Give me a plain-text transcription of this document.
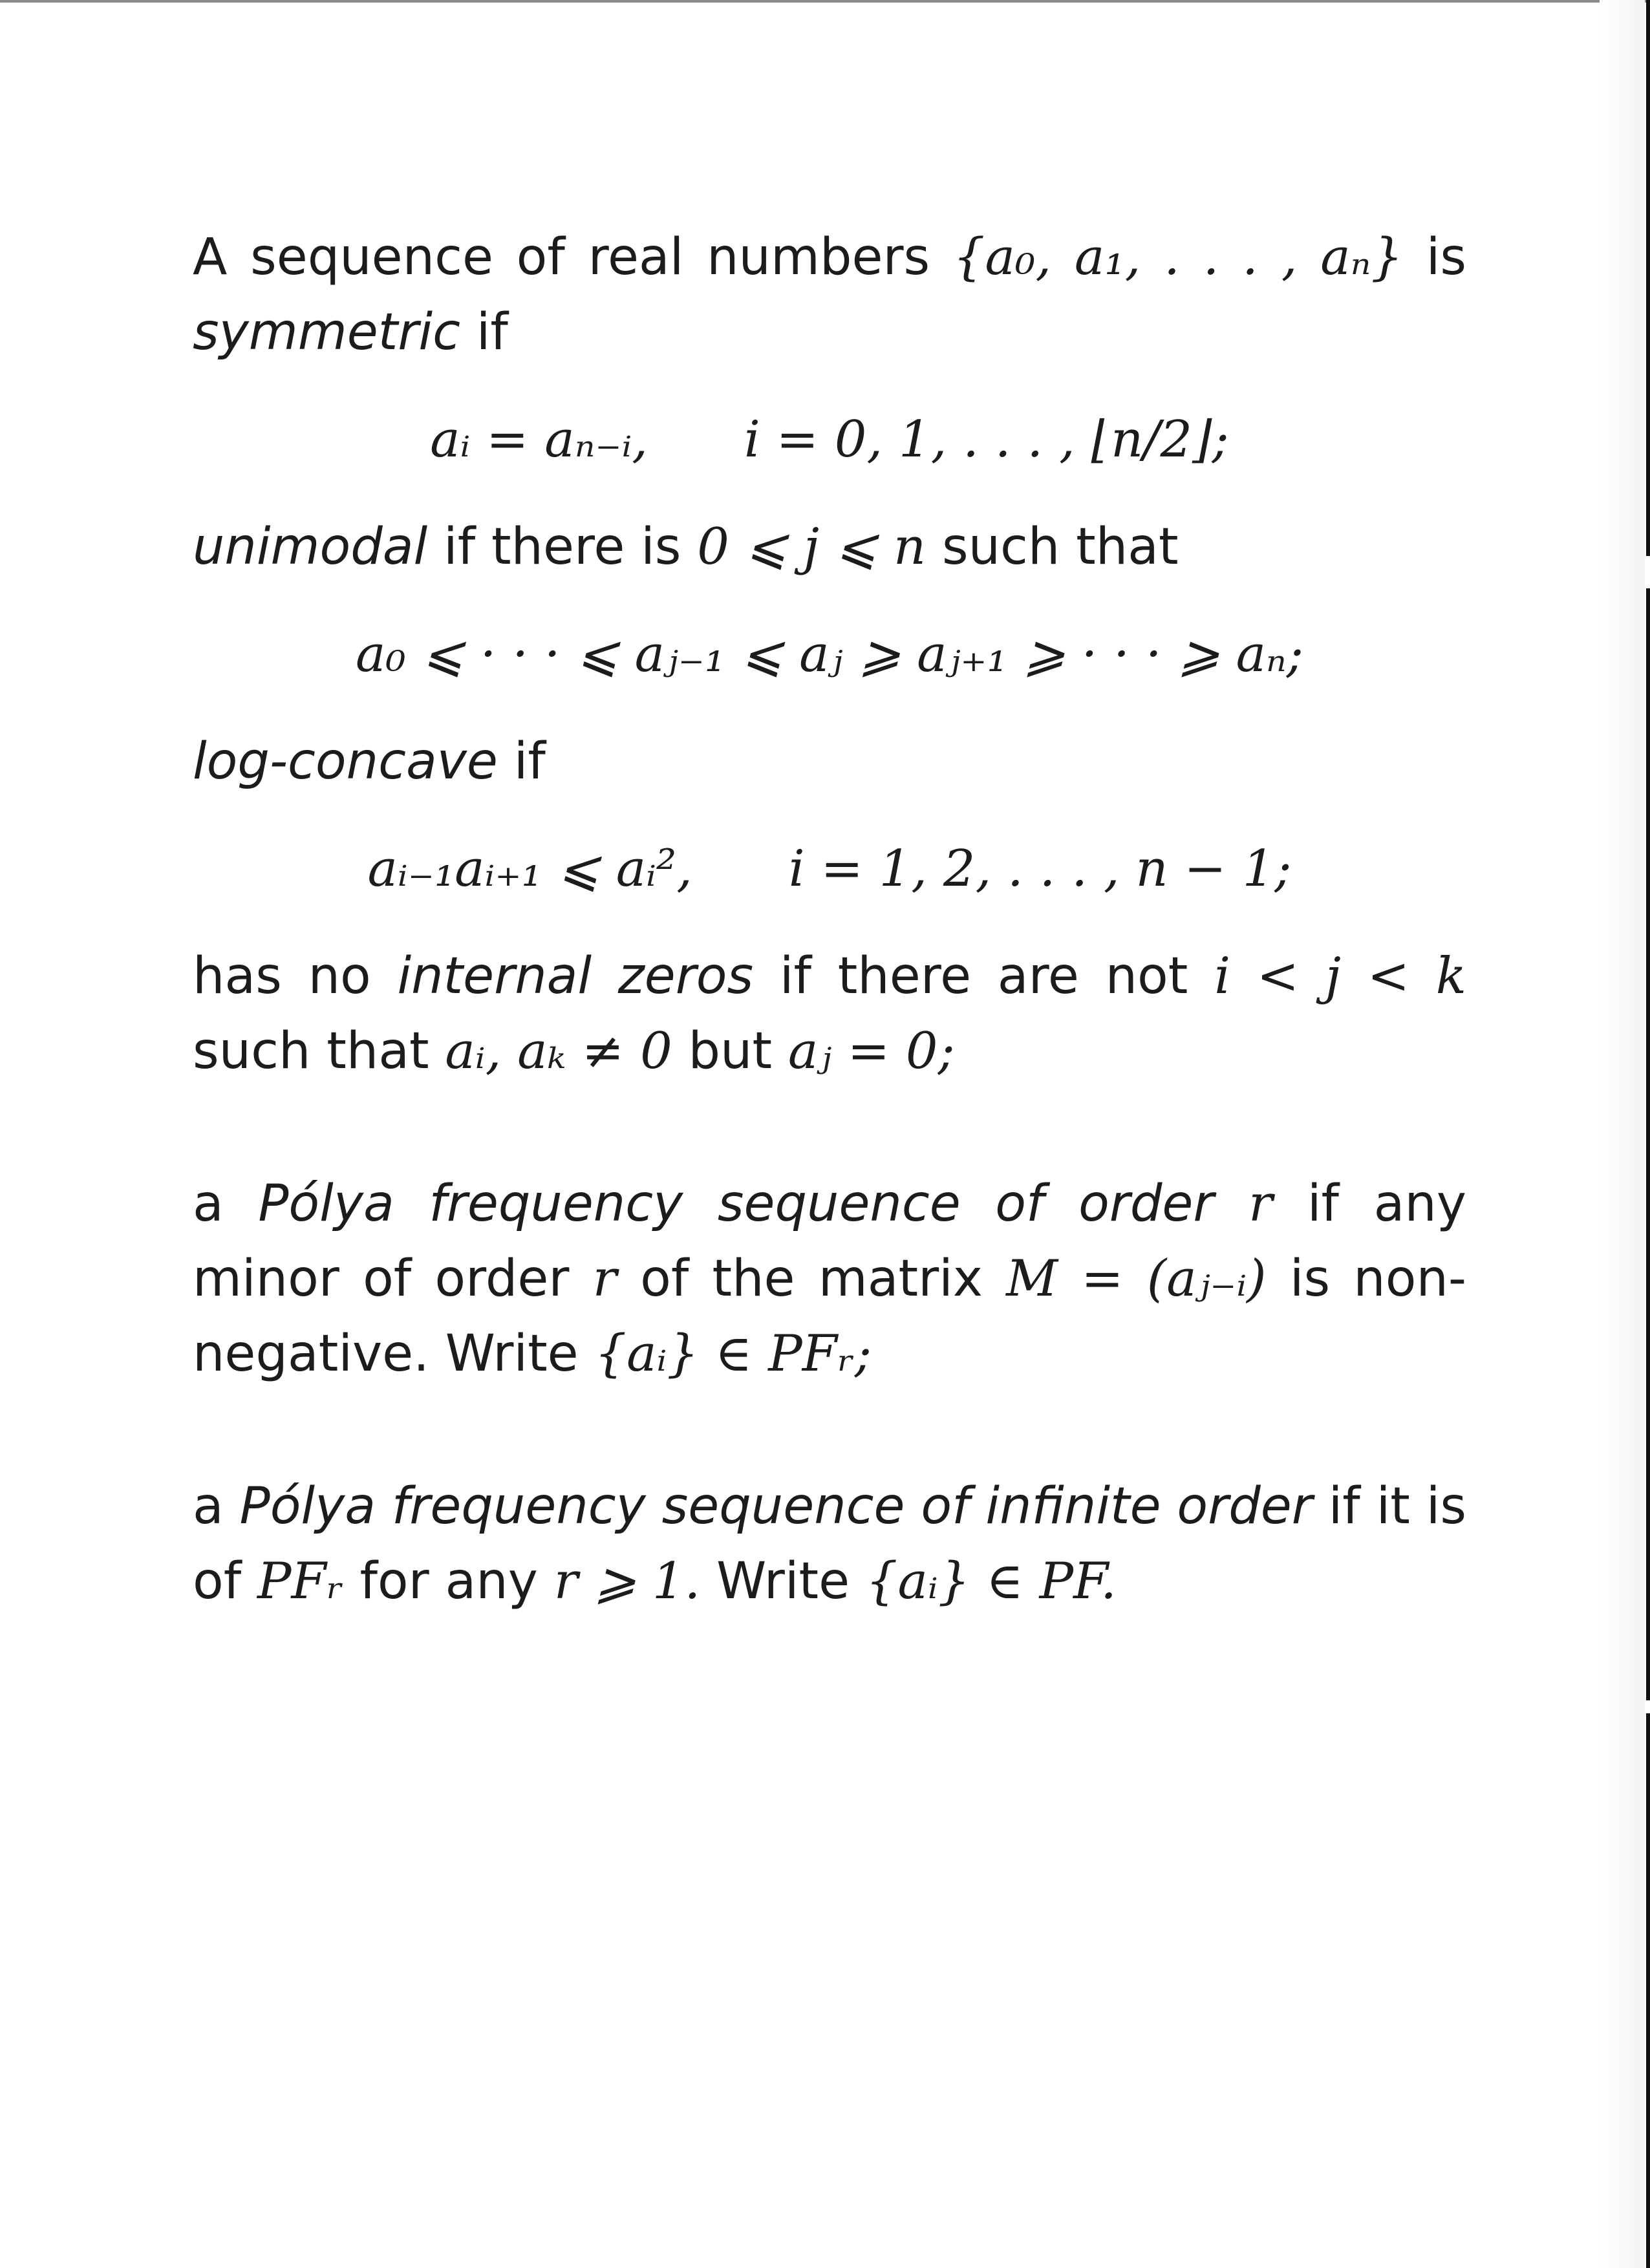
A sequence of real numbers {a₀, a₁, . . . , aₙ} is symmetric if

aᵢ = aₙ₋ᵢ, i = 0, 1, . . . , ⌊n/2⌋;

unimodal if there is 0 ⩽ j ⩽ n such that

a₀ ⩽ · · · ⩽ aⱼ₋₁ ⩽ aⱼ ⩾ aⱼ₊₁ ⩾ · · · ⩾ aₙ;

log-concave if

aᵢ₋₁aᵢ₊₁ ⩽ aᵢ², i = 1, 2, . . . , n − 1;

has no internal zeros if there are not i < j < k such that aᵢ, aₖ ≠ 0 but aⱼ = 0;

a Pólya frequency sequence of order r if any minor of order r of the matrix M = (aⱼ₋ᵢ) is non-negative. Write {aᵢ} ∈ PFᵣ;

a Pólya frequency sequence of infinite order if it is of PFᵣ for any r ⩾ 1. Write {aᵢ} ∈ PF.
